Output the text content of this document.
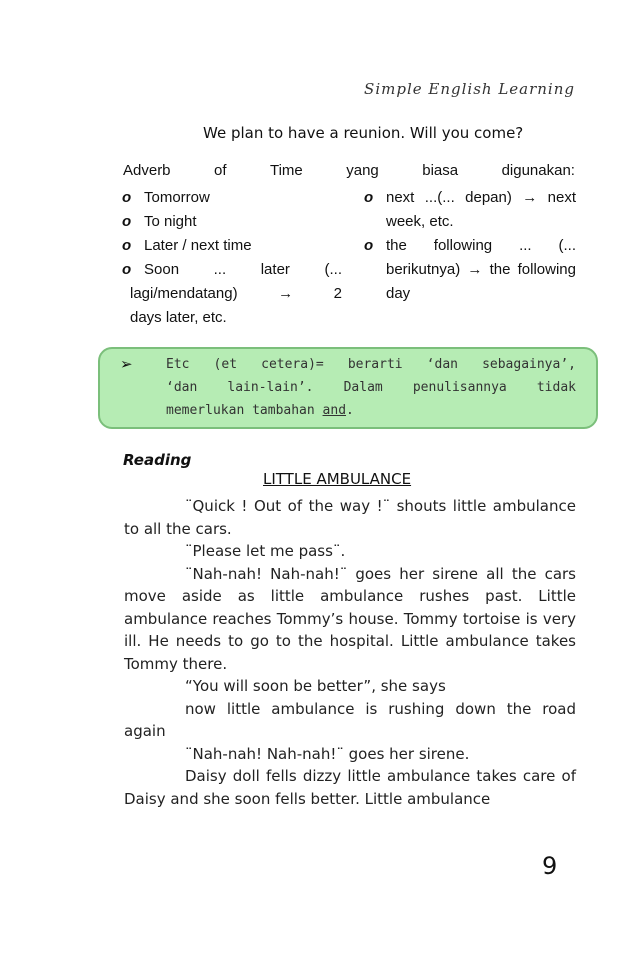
Simple English Learning
We plan to have a reunion. Will you come?
Adverb	of	Time	yang	biasa	digunakan:
o Tomorrow
o To night
o Later / next time
o Soon ... later (...
lagi/mendatang) → 2
days later, etc.
o next ...(... depan) → next
week, etc.
o the following ... (...
berikutnya) → the following
day
➢	Etc (et cetera)= berarti ‘dan sebagainya’,
‘dan lain-lain’. Dalam penulisannya tidak
memerlukan tambahan and.
Reading
LITTLE AMBULANCE

¨Quick ! Out of the way !¨ shouts little ambulance to all the cars.

¨Please let me pass¨.

¨Nah-nah! Nah-nah!¨ goes her sirene all the cars move aside as little ambulance rushes past. Little ambulance reaches Tommy’s house. Tommy tortoise is very ill. He needs to go to the hospital. Little ambulance takes Tommy there.

“You will soon be better”, she says

now little ambulance is rushing down the road again

¨Nah-nah! Nah-nah!¨ goes her sirene.

Daisy doll fells dizzy little ambulance takes care of Daisy and she soon fells better. Little ambulance

9
